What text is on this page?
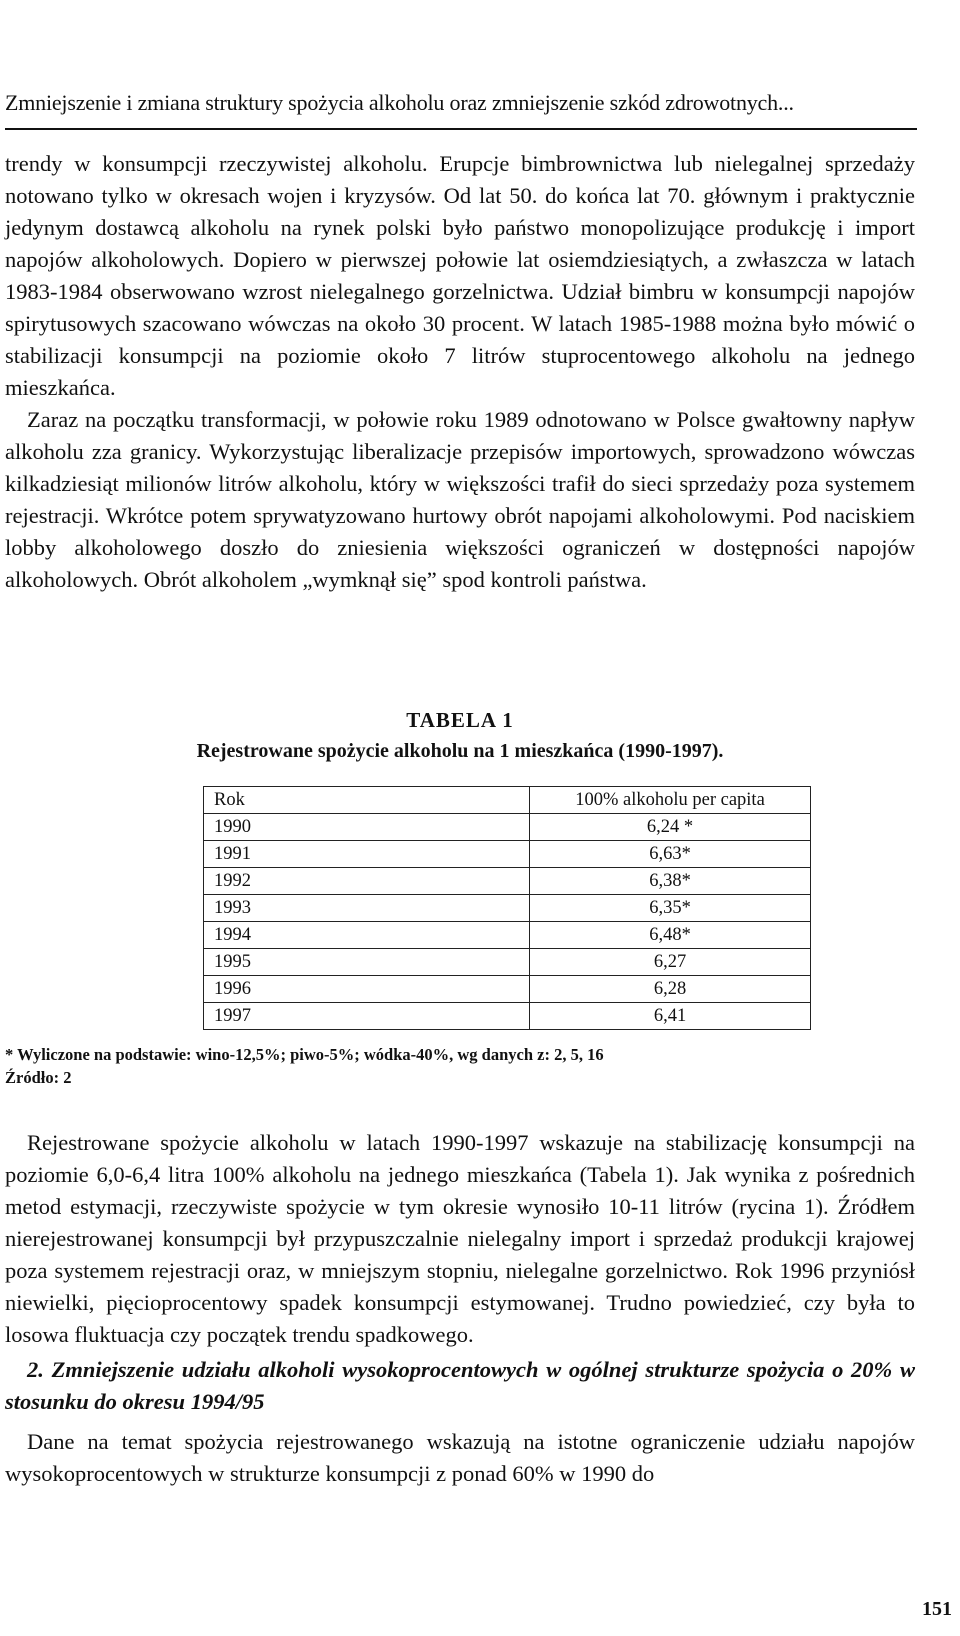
Zmniejszenie i zmiana struktury spożycia alkoholu oraz zmniejszenie szkód zdrowotnych...

trendy w konsumpcji rzeczywistej alkoholu. Erupcje bimbrownictwa lub nielegalnej sprzedaży notowano tylko w okresach wojen i kryzysów. Od lat 50. do końca lat 70. głównym i praktycznie jedynym dostawcą alkoholu na rynek polski było państwo monopolizujące produkcję i import napojów alkoholowych. Dopiero w pierwszej połowie lat osiemdziesiątych, a zwłaszcza w latach 1983-1984 obserwowano wzrost nielegalnego gorzelnictwa. Udział bimbru w konsumpcji napojów spirytusowych szacowano wówczas na około 30 procent. W latach 1985-1988 można było mówić o stabilizacji konsumpcji na poziomie około 7 litrów stuprocentowego alkoholu na jednego mieszkańca.

Zaraz na początku transformacji, w połowie roku 1989 odnotowano w Polsce gwałtowny napływ alkoholu zza granicy. Wykorzystując liberalizacje przepisów importowych, sprowadzono wówczas kilkadziesiąt milionów litrów alkoholu, który w większości trafił do sieci sprzedaży poza systemem rejestracji. Wkrótce potem sprywatyzowano hurtowy obrót napojami alkoholowymi. Pod naciskiem lobby alkoholowego doszło do zniesienia większości ograniczeń w dostępności napojów alkoholowych. Obrót alkoholem „wymknął się” spod kontroli państwa.

TABELA 1
Rejestrowane spożycie alkoholu na 1 mieszkańca (1990-1997).
Rok	100% alkoholu per capita
1990	6,24 *
1991	6,63*
1992	6,38*
1993	6,35*
1994	6,48*
1995	6,27
1996	6,28
1997	6,41
* Wyliczone na podstawie: wino-12,5%; piwo-5%; wódka-40%, wg danych z: 2, 5, 16
Źródło: 2

Rejestrowane spożycie alkoholu w latach 1990-1997 wskazuje na stabilizację konsumpcji na poziomie 6,0-6,4 litra 100% alkoholu na jednego mieszkańca (Tabela 1). Jak wynika z pośrednich metod estymacji, rzeczywiste spożycie w tym okresie wynosiło 10-11 litrów (rycina 1). Źródłem nierejestrowanej konsumpcji był przypuszczalnie nielegalny import i sprzedaż produkcji krajowej poza systemem rejestracji oraz, w mniejszym stopniu, nielegalne gorzelnictwo. Rok 1996 przyniósł niewielki, pięcioprocentowy spadek konsumpcji estymowanej. Trudno powiedzieć, czy była to losowa fluktuacja czy początek trendu spadkowego.

2. Zmniejszenie udziału alkoholi wysokoprocentowych w ogólnej strukturze spożycia o 20% w stosunku do okresu 1994/95

Dane na temat spożycia rejestrowanego wskazują na istotne ograniczenie udziału napojów wysokoprocentowych w strukturze konsumpcji z ponad 60% w 1990 do

151
